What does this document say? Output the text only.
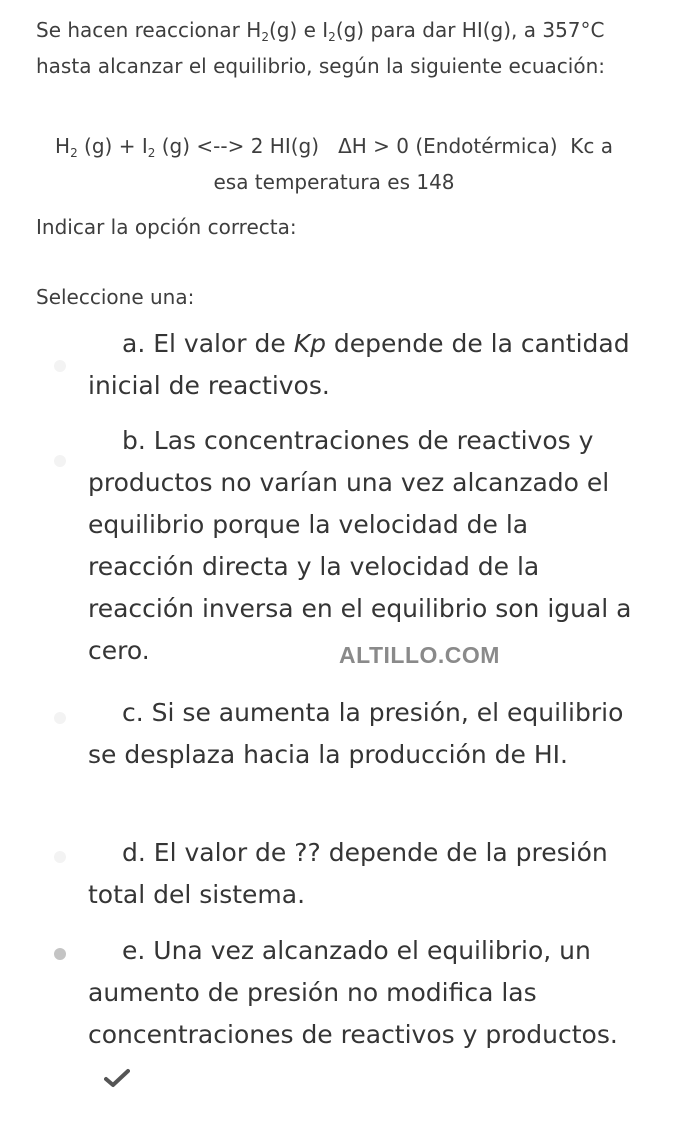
Se hacen reaccionar $H_2(g)$ e $I_2(g)$ para dar HI(g), a 357°C hasta alcanzar el equilibrio, según la siguiente ecuación:
$H_2$ $(g) + I_2$ (g) <--> 2 HI(g)   ΔH > 0 (Endotérmica)  Kc a esa temperatura es 148
Indicar la opción correcta:
Seleccione una:
a. El valor de Kp depende de la cantidad inicial de reactivos.
b. Las concentraciones de reactivos y productos no varían una vez alcanzado el equilibrio porque la velocidad de la reacción directa y la velocidad de la reacción inversa en el equilibrio son igual a cero.
c. Si se aumenta la presión, el equilibrio se desplaza hacia la producción de HI.
d. El valor de ?? depende de la presión total del sistema.
e. Una vez alcanzado el equilibrio, un aumento de presión no modifica las concentraciones de reactivos y productos.
ALTILLO.COM
